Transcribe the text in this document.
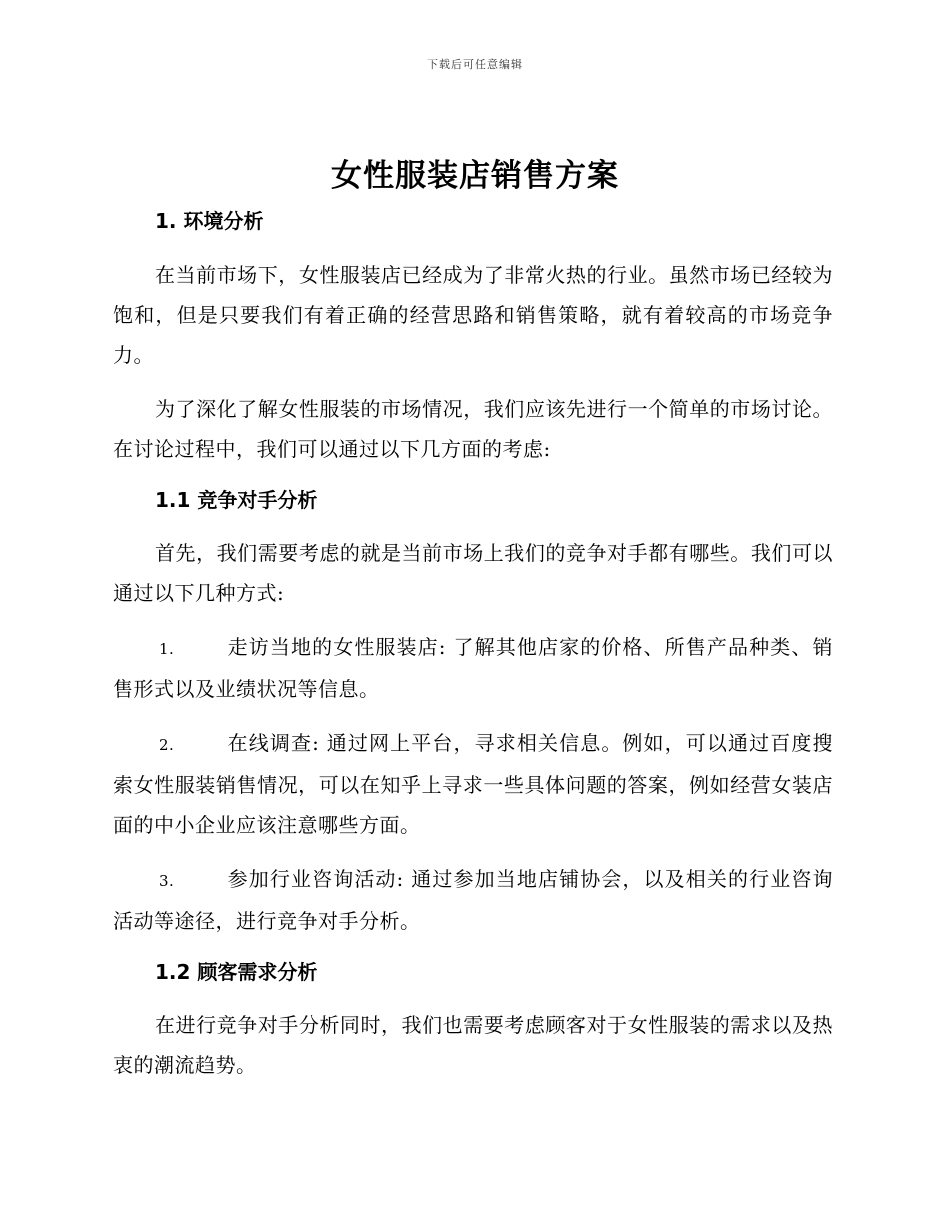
下载后可任意编辑
女性服装店销售方案

1. 环境分析

在当前市场下，女性服装店已经成为了非常火热的行业。虽然市场已经较为饱和，但是只要我们有着正确的经营思路和销售策略，就有着较高的市场竞争力。

为了深化了解女性服装的市场情况，我们应该先进行一个简单的市场讨论。在讨论过程中，我们可以通过以下几方面的考虑:

1.1 竞争对手分析

首先，我们需要考虑的就是当前市场上我们的竞争对手都有哪些。我们可以通过以下几种方式:

1.	走访当地的女性服装店: 了解其他店家的价格、所售产品种类、销售形式以及业绩状况等信息。

2.	在线调查: 通过网上平台，寻求相关信息。例如，可以通过百度搜索女性服装销售情况，可以在知乎上寻求一些具体问题的答案，例如经营女装店面的中小企业应该注意哪些方面。

3.	参加行业咨询活动: 通过参加当地店铺协会，以及相关的行业咨询活动等途径，进行竞争对手分析。

1.2 顾客需求分析

在进行竞争对手分析同时，我们也需要考虑顾客对于女性服装的需求以及热衷的潮流趋势。
